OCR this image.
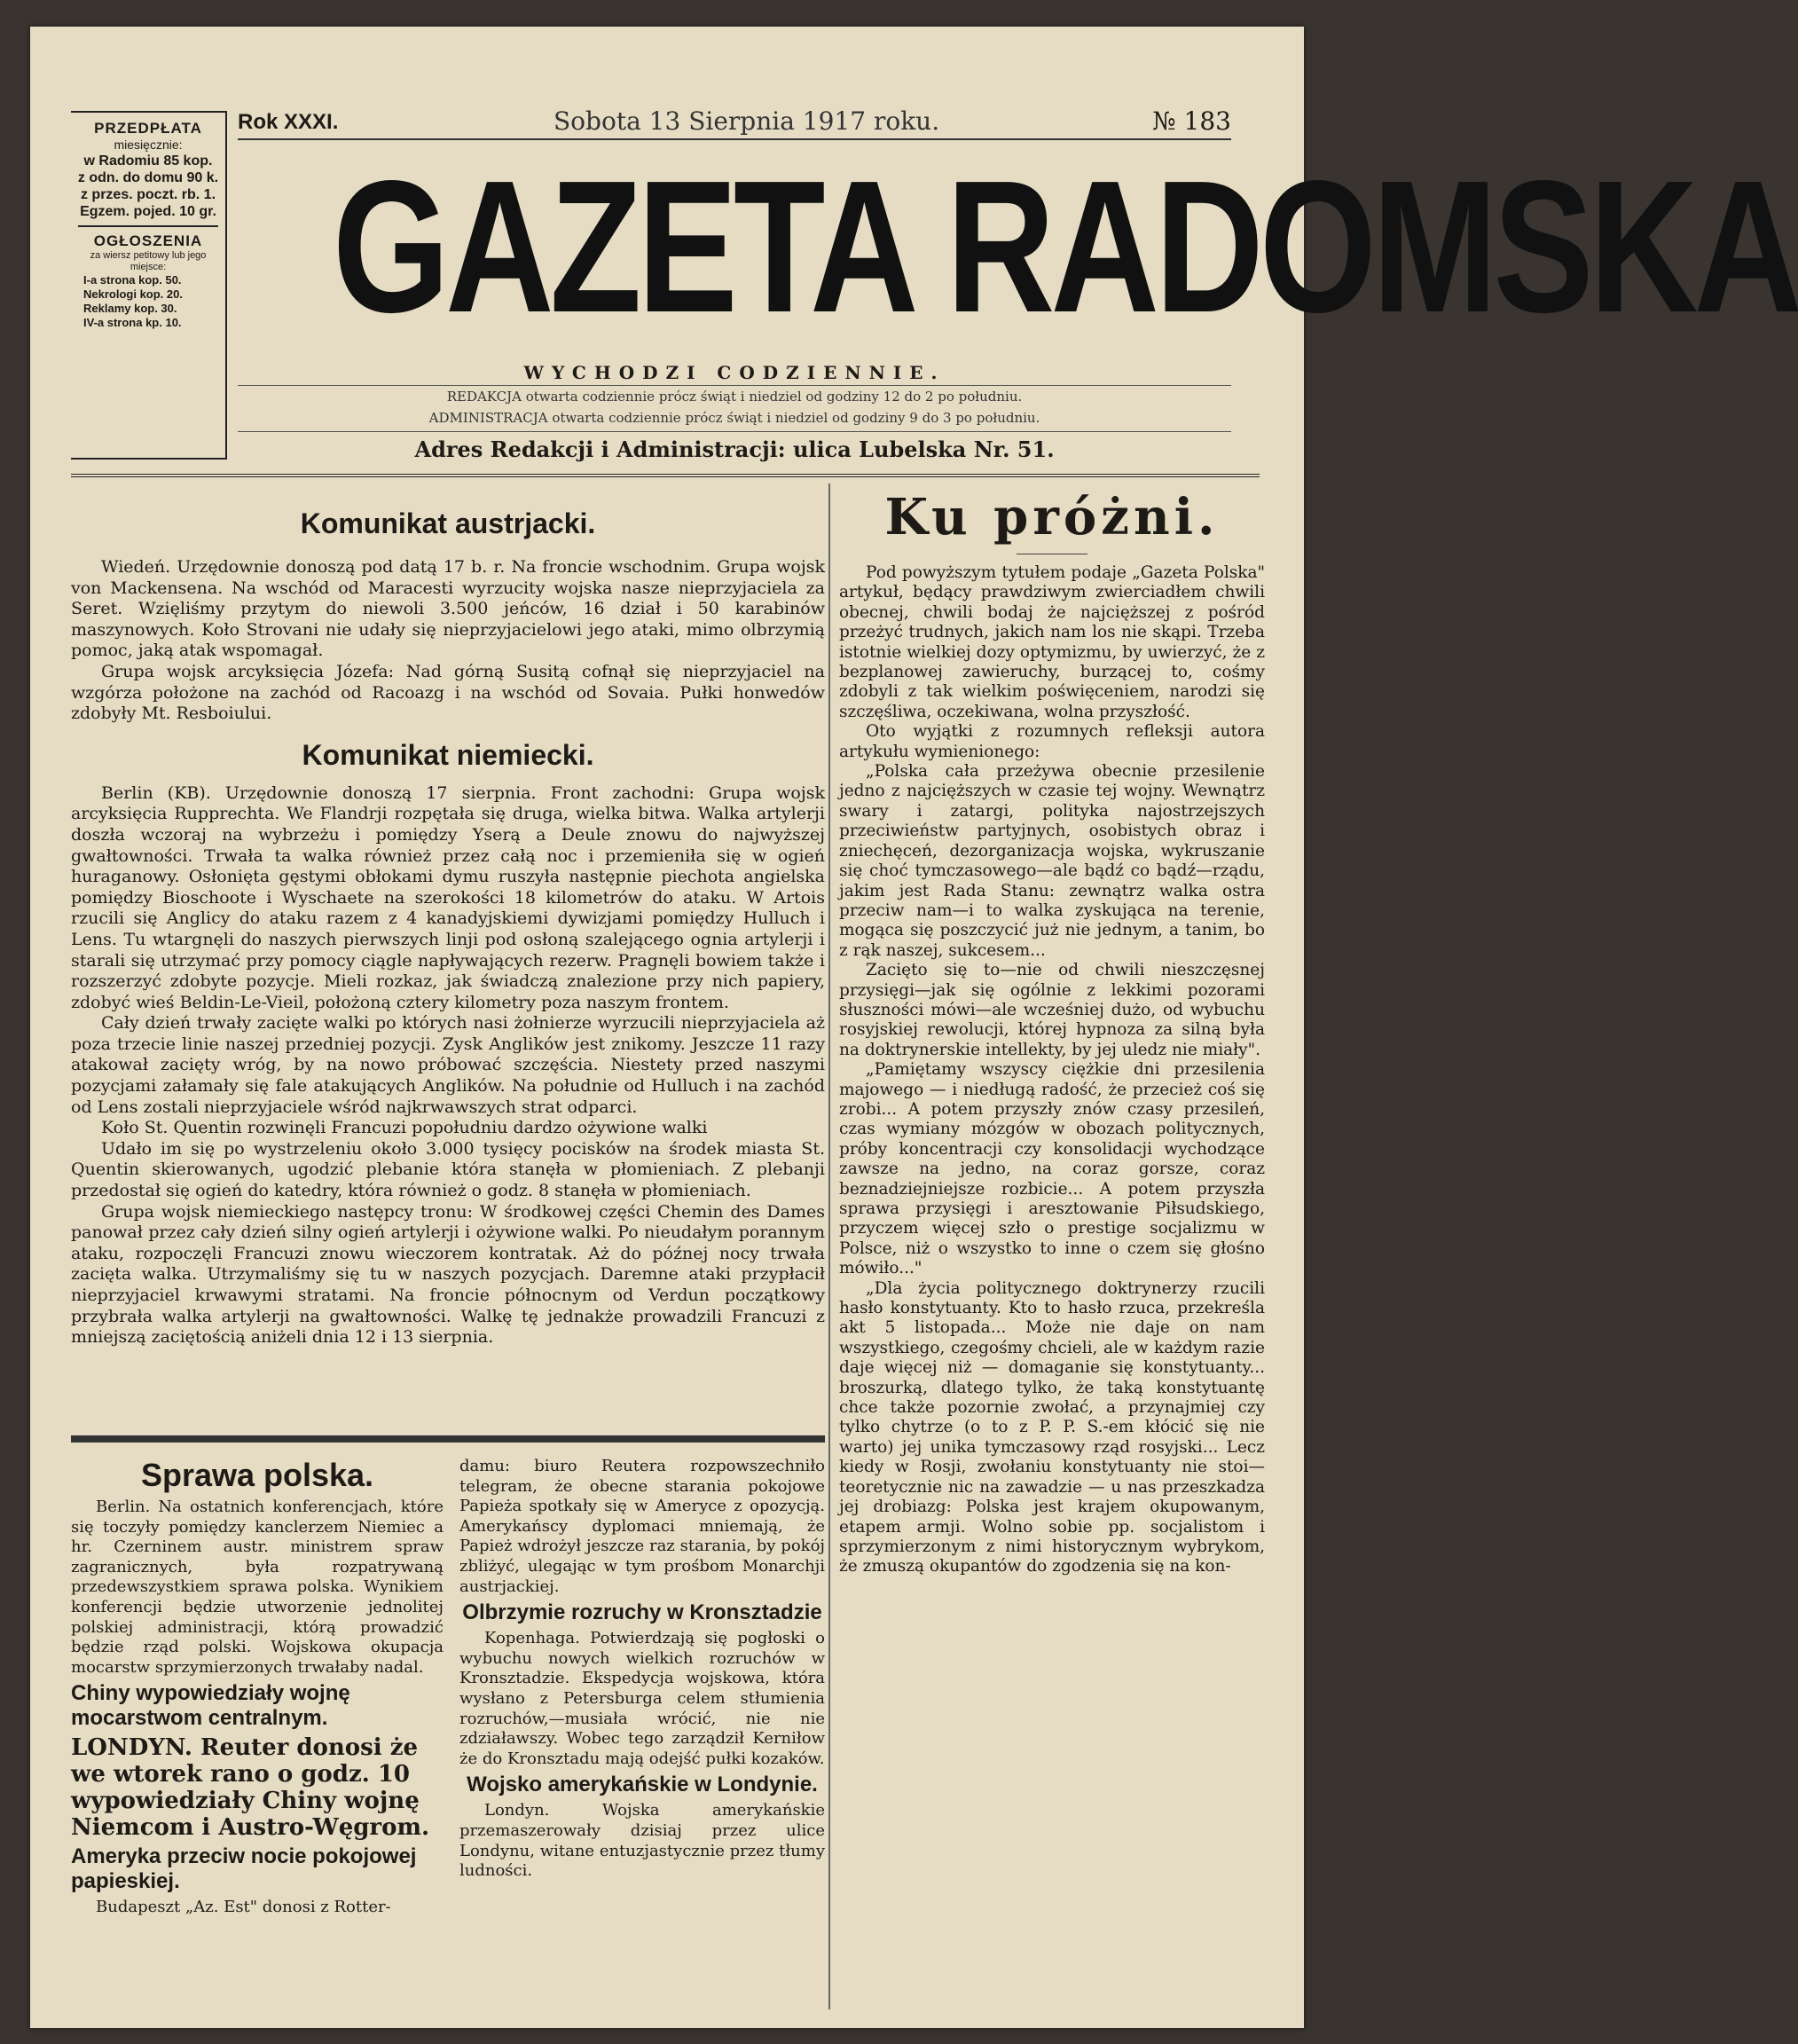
PRZEDPŁATA
miesięcznie:
w Radomiu 85 kop.
z odn. do domu 90 k.
z przes. poczt. rb. 1.
Egzem. pojed. 10 gr.
OGŁOSZENIA
za wiersz petitowy lub jego miejsce:
I-a strona kop. 50.
Nekrologi kop. 20.
Reklamy kop. 30.
IV-a strona kp. 10.
Rok XXXI.	Sobota 13 Sierpnia 1917 roku.	№ 183
GAZETA RADOMSKA
WYCHODZI CODZIENNIE.
REDAKCJA otwarta codziennie prócz świąt i niedziel od godziny 12 do 2 po południu.
ADMINISTRACJA otwarta codziennie prócz świąt i niedziel od godziny 9 do 3 po południu.
Adres Redakcji i Administracji: ulica Lubelska Nr. 51.
Komunikat austrjacki.

Wiedeń. Urzędownie donoszą pod datą 17 b. r. Na froncie wschodnim. Grupa wojsk von Mackensena. Na wschód od Maracesti wyrzucity wojska nasze nieprzyjaciela za Seret. Wzięliśmy przytym do niewoli 3.500 jeńców, 16 dział i 50 karabinów maszynowych. Koło Strovani nie udały się nieprzyjacielowi jego ataki, mimo olbrzymią pomoc, jaką atak wspomagał.

Grupa wojsk arcyksięcia Józefa: Nad górną Susitą cofnął się nieprzyjaciel na wzgórza położone na zachód od Racoazg i na wschód od Sovaia. Pułki honwedów zdobyły Mt. Resboiului.

Komunikat niemiecki.

Berlin (KB). Urzędownie donoszą 17 sierpnia. Front zachodni: Grupa wojsk arcyksięcia Rupprechta. We Flandrji rozpętała się druga, wielka bitwa. Walka artylerji doszła wczoraj na wybrzeżu i pomiędzy Yserą a Deule znowu do najwyższej gwałtowności. Trwała ta walka również przez całą noc i przemieniła się w ogień huraganowy. Osłonięta gęstymi obłokami dymu ruszyła następnie piechota angielska pomiędzy Bioschoote i Wyschaete na szerokości 18 kilometrów do ataku. W Artois rzucili się Anglicy do ataku razem z 4 kanadyjskiemi dywizjami pomiędzy Hulluch i Lens. Tu wtargnęli do naszych pierwszych linji pod osłoną szalejącego ognia artylerji i starali się utrzymać przy pomocy ciągle napływających rezerw. Pragnęli bowiem także i rozszerzyć zdobyte pozycje. Mieli rozkaz, jak świadczą znalezione przy nich papiery, zdobyć wieś Beldin-Le-Vieil, położoną cztery kilometry poza naszym frontem.

Cały dzień trwały zacięte walki po których nasi żołnierze wyrzucili nieprzyjaciela aż poza trzecie linie naszej przedniej pozycji. Zysk Anglików jest znikomy. Jeszcze 11 razy atakował zacięty wróg, by na nowo próbować szczęścia. Niestety przed naszymi pozycjami załamały się fale atakujących Anglików. Na południe od Hulluch i na zachód od Lens zostali nieprzyjaciele wśród najkrwawszych strat odparci.

Koło St. Quentin rozwinęli Francuzi popołudniu dardzo ożywione walki

Udało im się po wystrzeleniu około 3.000 tysięcy pocisków na środek miasta St. Quentin skierowanych, ugodzić plebanie która stanęła w płomieniach. Z plebanji przedostał się ogień do katedry, która również o godz. 8 stanęła w płomieniach.

Grupa wojsk niemieckiego następcy tronu: W środkowej części Chemin des Dames panował przez cały dzień silny ogień artylerji i ożywione walki. Po nieudałym porannym ataku, rozpoczęli Francuzi znowu wieczorem kontratak. Aż do późnej nocy trwała zacięta walka. Utrzymaliśmy się tu w naszych pozycjach. Daremne ataki przypłacił nieprzyjaciel krwawymi stratami. Na froncie północnym od Verdun początkowy przybrała walka artylerji na gwałtowności. Walkę tę jednakże prowadzili Francuzi z mniejszą zaciętością aniżeli dnia 12 i 13 sierpnia.

Sprawa polska.

Berlin. Na ostatnich konferencjach, które się toczyły pomiędzy kanclerzem Niemiec a hr. Czerninem austr. ministrem spraw zagranicznych, była rozpatrywaną przedewszystkiem sprawa polska. Wynikiem konferencji będzie utworzenie jednolitej polskiej administracji, którą prowadzić będzie rząd polski. Wojskowa okupacja mocarstw sprzymierzonych trwałaby nadal.

Chiny wypowiedziały wojnę mocarstwom centralnym.
LONDYN. Reuter donosi że we wtorek rano o godz. 10 wypowiedziały Chiny wojnę Niemcom i Austro-Węgrom.
Ameryka przeciw nocie pokojowej papieskiej.

Budapeszt „Az. Est" donosi z Rotter-

damu: biuro Reutera rozpowszechniło telegram, że obecne starania pokojowe Papieża spotkały się w Ameryce z opozycją. Amerykańscy dyplomaci mniemają, że Papież wdrożył jeszcze raz starania, by pokój zbliżyć, ulegając w tym prośbom Monarchji austrjackiej.

Olbrzymie rozruchy w Kronsztadzie

Kopenhaga. Potwierdzają się pogłoski o wybuchu nowych wielkich rozruchów w Kronsztadzie. Ekspedycja wojskowa, która wysłano z Petersburga celem stłumienia rozruchów,—musiała wrócić, nie nie zdziaławszy. Wobec tego zarządził Kerniłow że do Kronsztadu mają odejść pułki kozaków.

Wojsko amerykańskie w Londynie.

Londyn. Wojska amerykańskie przemaszerowały dzisiaj przez ulice Londynu, witane entuzjastycznie przez tłumy ludności.

Ku próżni.

Pod powyższym tytułem podaje „Gazeta Polska" artykuł, będący prawdziwym zwierciadłem chwili obecnej, chwili bodaj że najcięższej z pośród przeżyć trudnych, jakich nam los nie skąpi. Trzeba istotnie wielkiej dozy optymizmu, by uwierzyć, że z bezplanowej zawieruchy, burzącej to, cośmy zdobyli z tak wielkim poświęceniem, narodzi się szczęśliwa, oczekiwana, wolna przyszłość.

Oto wyjątki z rozumnych refleksji autora artykułu wymienionego:

„Polska cała przeżywa obecnie przesilenie jedno z najcięższych w czasie tej wojny. Wewnątrz swary i zatargi, polityka najostrzejszych przeciwieństw partyjnych, osobistych obraz i zniechęceń, dezorganizacja wojska, wykruszanie się choć tymczasowego—ale bądź co bądź—rządu, jakim jest Rada Stanu: zewnątrz walka ostra przeciw nam—i to walka zyskująca na terenie, mogąca się poszczycić już nie jednym, a tanim, bo z rąk naszej, sukcesem...

Zacięto się to—nie od chwili nieszczęsnej przysięgi—jak się ogólnie z lekkimi pozorami słuszności mówi—ale wcześniej dużo, od wybuchu rosyjskiej rewolucji, której hypnoza za silną była na doktrynerskie intellekty, by jej uledz nie miały".

„Pamiętamy wszyscy ciężkie dni przesilenia majowego — i niedługą radość, że przecież coś się zrobi... A potem przyszły znów czasy przesileń, czas wymiany mózgów w obozach politycznych, próby koncentracji czy konsolidacji wychodzące zawsze na jedno, na coraz gorsze, coraz beznadziejniejsze rozbicie... A potem przyszła sprawa przysięgi i aresztowanie Piłsudskiego, przyczem więcej szło o prestige socjalizmu w Polsce, niż o wszystko to inne o czem się głośno mówiło..."

„Dla życia politycznego doktrynerzy rzucili hasło konstytuanty. Kto to hasło rzuca, przekreśla akt 5 listopada... Może nie daje on nam wszystkiego, czegośmy chcieli, ale w każdym razie daje więcej niż — domaganie się konstytuanty... broszurką, dlatego tylko, że taką konstytuantę chce także pozornie zwołać, a przynajmiej czy tylko chytrze (o to z P. P. S.-em kłócić się nie warto) jej unika tymczasowy rząd rosyjski... Lecz kiedy w Rosji, zwołaniu konstytuanty nie stoi—teoretycznie nic na zawadzie — u nas przeszkadza jej drobiazg: Polska jest krajem okupowanym, etapem armji. Wolno sobie pp. socjalistom i sprzymierzonym z nimi historycznym wybrykom, że zmuszą okupantów do zgodzenia się na kon-
